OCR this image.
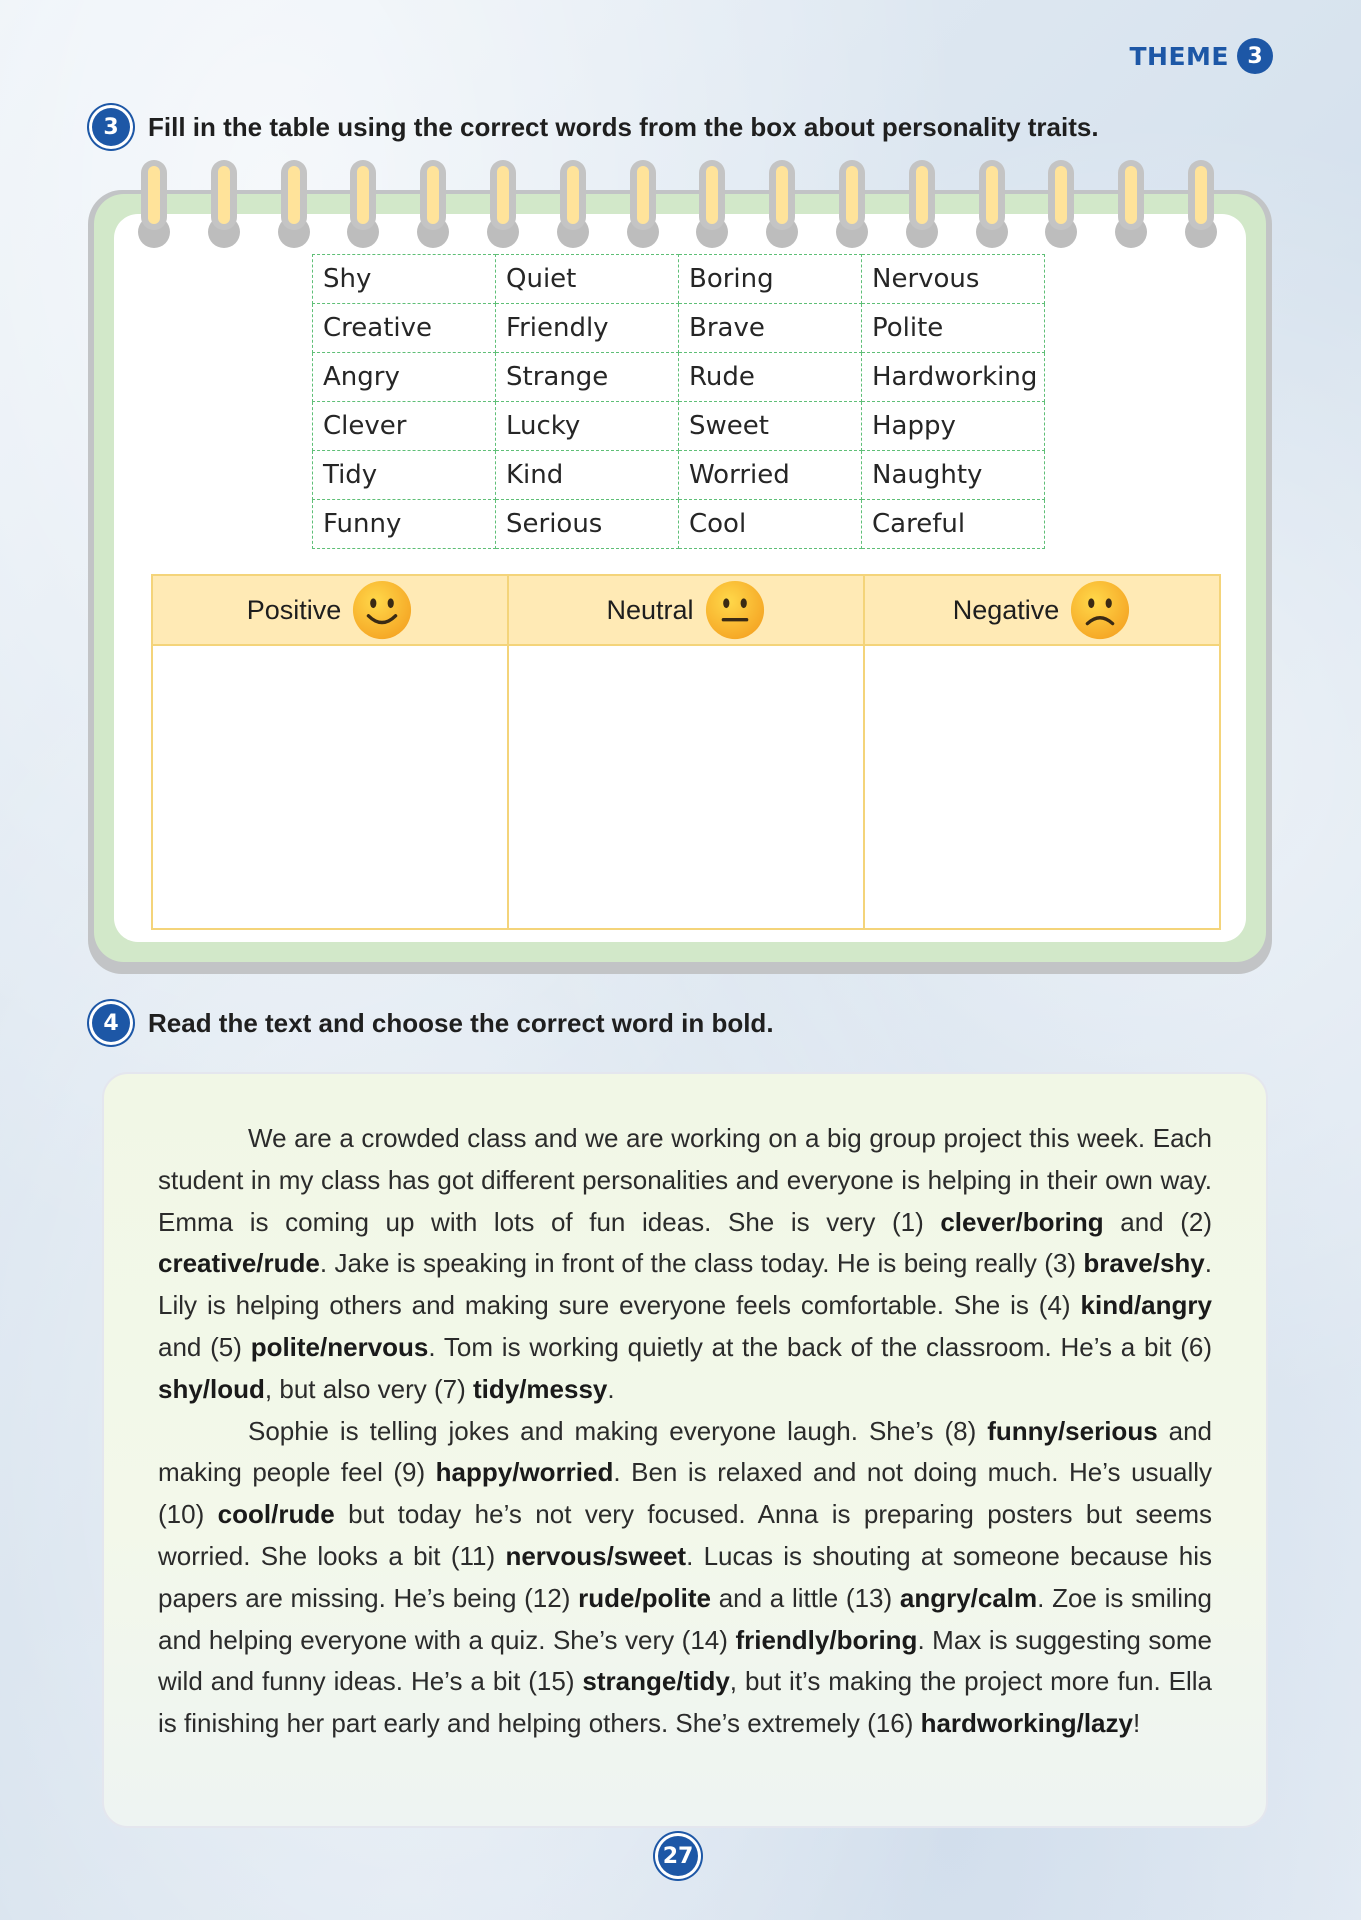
THEME 3
3	Fill in the table using the correct words from the box about personality traits.
Shy	Quiet	Boring	Nervous
Creative	Friendly	Brave	Polite
Angry	Strange	Rude	Hardworking
Clever	Lucky	Sweet	Happy
Tidy	Kind	Worried	Naughty
Funny	Serious	Cool	Careful
Positive	Neutral	Negative

4	Read the text and choose the correct word in bold.

We are a crowded class and we are working on a big group project this week. Each student in my class has got different personalities and everyone is helping in their own way. Emma is coming up with lots of fun ideas. She is very (1) clever/boring and (2) creative/rude. Jake is speaking in front of the class today. He is being really (3) brave/shy. Lily is helping others and making sure everyone feels comfortable. She is (4) kind/angry and (5) polite/nervous. Tom is working quietly at the back of the classroom. He’s a bit (6) shy/loud, but also very (7) tidy/messy.

Sophie is telling jokes and making everyone laugh. She’s (8) funny/serious and making people feel (9) happy/worried. Ben is relaxed and not doing much. He’s usually (10) cool/rude but today he’s not very focused. Anna is preparing posters but seems worried. She looks a bit (11) nervous/sweet. Lucas is shouting at someone because his papers are missing. He’s being (12) rude/polite and a little (13) angry/calm. Zoe is smiling and helping everyone with a quiz. She’s very (14) friendly/boring. Max is suggesting some wild and funny ideas. He’s a bit (15) strange/tidy, but it’s making the project more fun. Ella is finishing her part early and helping others. She’s extremely (16) hardworking/lazy!

27
